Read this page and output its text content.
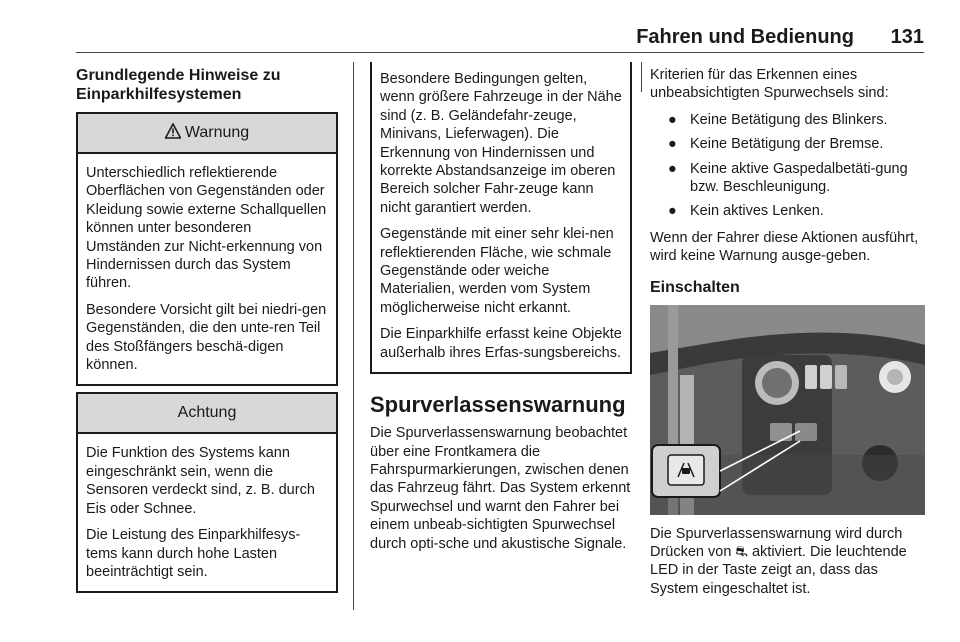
Fahren und Bedienung 131
Grundlegende Hinweise zu Einparkhilfesystemen
Warnung

Unterschiedlich reflektierende Oberflächen von Gegenständen oder Kleidung sowie externe Schallquellen können unter besonderen Umständen zur Nicht-erkennung von Hindernissen durch das System führen.

Besondere Vorsicht gilt bei niedri-gen Gegenständen, die den unte-ren Teil des Stoßfängers beschä-digen können.

Achtung

Die Funktion des Systems kann eingeschränkt sein, wenn die Sensoren verdeckt sind, z. B. durch Eis oder Schnee.

Die Leistung des Einparkhilfesys-tems kann durch hohe Lasten beeinträchtigt sein.

Besondere Bedingungen gelten, wenn größere Fahrzeuge in der Nähe sind (z. B. Geländefahr-zeuge, Minivans, Lieferwagen). Die Erkennung von Hindernissen und korrekte Abstandsanzeige im oberen Bereich solcher Fahr-zeuge kann nicht garantiert werden.

Gegenstände mit einer sehr klei-nen reflektierenden Fläche, wie schmale Gegenstände oder weiche Materialien, werden vom System möglicherweise nicht erkannt.

Die Einparkhilfe erfasst keine Objekte außerhalb ihres Erfas-sungsbereichs.

Spurverlassenswarnung

Die Spurverlassenswarnung beobachtet über eine Frontkamera die Fahrspurmarkierungen, zwischen denen das Fahrzeug fährt. Das System erkennt Spurwechsel und warnt den Fahrer bei einem unbeab-sichtigten Spurwechsel durch opti-sche und akustische Signale.

Kriterien für das Erkennen eines unbeabsichtigten Spurwechsels sind:

● Keine Betätigung des Blinkers.
● Keine Betätigung der Bremse.
● Keine aktive Gaspedalbetäti-gung bzw. Beschleunigung.
● Kein aktives Lenken.

Wenn der Fahrer diese Aktionen ausführt, wird keine Warnung ausge-geben.

Einschalten

Die Spurverlassenswarnung wird durch Drücken von ⛐ aktiviert. Die leuchtende LED in der Taste zeigt an, dass das System eingeschaltet ist.
